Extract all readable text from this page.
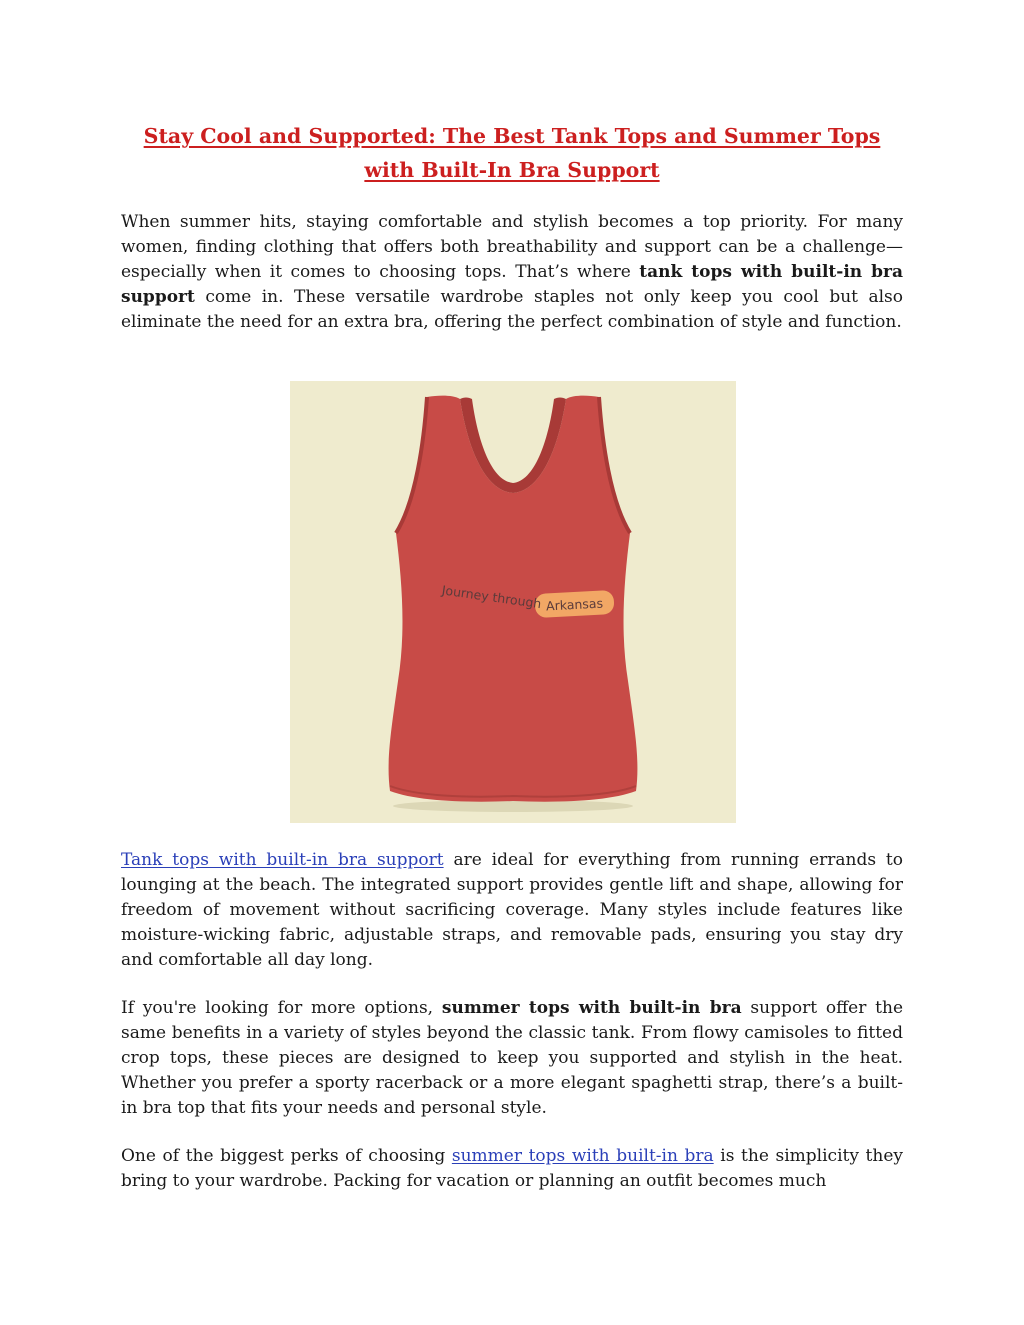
Stay Cool and Supported: The Best Tank Tops and Summer Tops with Built-In Bra Support

When summer hits, staying comfortable and stylish becomes a top priority. For many women, finding clothing that offers both breathability and support can be a challenge—especially when it comes to choosing tops. That’s where tank tops with built-in bra support come in. These versatile wardrobe staples not only keep you cool but also eliminate the need for an extra bra, offering the perfect combination of style and function.

Tank tops with built-in bra support are ideal for everything from running errands to lounging at the beach. The integrated support provides gentle lift and shape, allowing for freedom of movement without sacrificing coverage. Many styles include features like moisture-wicking fabric, adjustable straps, and removable pads, ensuring you stay dry and comfortable all day long.

If you're looking for more options, summer tops with built-in bra support offer the same benefits in a variety of styles beyond the classic tank. From flowy camisoles to fitted crop tops, these pieces are designed to keep you supported and stylish in the heat. Whether you prefer a sporty racerback or a more elegant spaghetti strap, there’s a built-in bra top that fits your needs and personal style.

One of the biggest perks of choosing summer tops with built-in bra is the simplicity they bring to your wardrobe. Packing for vacation or planning an outfit becomes much

Journey through Arkansas
